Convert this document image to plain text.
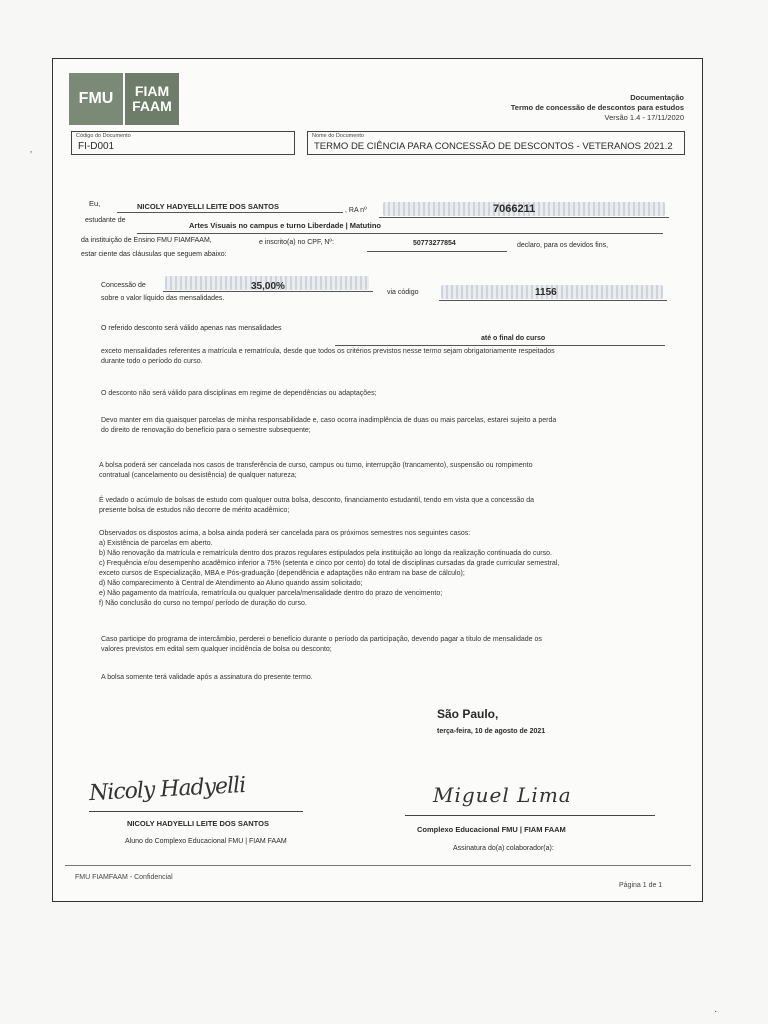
ʼ
·
FMU	FIAM
FAAM
Documentação
Termo de concessão de descontos para estudos
Versão 1.4 - 17/11/2020
Código do Documento
FI-D001
Nome do Documento
TERMO DE CIÊNCIA PARA CONCESSÃO DE DESCONTOS - VETERANOS 2021.2
Eu,	NICOLY HADYELLI LEITE DOS SANTOS	, RA nº	7066211
estudante de
Artes Visuais no campus e turno Liberdade | Matutino
da instituição de Ensino FMU FIAMFAAM,	e inscrito(a) no CPF, Nº:	50773277854	declaro, para os devidos fins,
estar ciente das cláusulas que seguem abaixo:
Concessão de	35,00%
via código	1156
sobre o valor líquido das mensalidades.
O referido desconto será válido apenas nas mensalidades
até o final do curso
exceto mensalidades referentes a matrícula e rematrícula, desde que todos os critérios previstos nesse termo sejam obrigatoriamente respeitados
durante todo o período do curso.
O desconto não será válido para disciplinas em regime de dependências ou adaptações;
Devo manter em dia quaisquer parcelas de minha responsabilidade e, caso ocorra inadimplência de duas ou mais parcelas, estarei sujeito a perda
do direito de renovação do benefício para o semestre subsequente;
A bolsa poderá ser cancelada nos casos de transferência de curso, campus ou turno, interrupção (trancamento), suspensão ou rompimento
contratual (cancelamento ou desistência) de qualquer natureza;
É vedado o acúmulo de bolsas de estudo com qualquer outra bolsa, desconto, financiamento estudantil, tendo em vista que a concessão da
presente bolsa de estudos não decorre de mérito acadêmico;
Observados os dispostos acima, a bolsa ainda poderá ser cancelada para os próximos semestres nos seguintes casos:
a) Existência de parcelas em aberto.
b) Não renovação da matrícula e rematrícula dentro dos prazos regulares estipulados pela instituição ao longo da realização continuada do curso.
c) Frequência e/ou desempenho acadêmico inferior a 75% (setenta e cinco por cento) do total de disciplinas cursadas da grade curricular semestral,
exceto cursos de Especialização, MBA e Pós-graduação (dependência e adaptações não entram na base de cálculo);
d) Não comparecimento à Central de Atendimento ao Aluno quando assim solicitado;
e) Não pagamento da matrícula, rematrícula ou qualquer parcela/mensalidade dentro do prazo de vencimento;
f) Não conclusão do curso no tempo/ período de duração do curso.
Caso participe do programa de intercâmbio, perderei o benefício durante o período da participação, devendo pagar a título de mensalidade os
valores previstos em edital sem qualquer incidência de bolsa ou desconto;
A bolsa somente terá validade após a assinatura do presente termo.
São Paulo,
terça-feira, 10 de agosto de 2021
Nicoly Hadyelli
NICOLY HADYELLI LEITE DOS SANTOS
Aluno do Complexo Educacional FMU | FIAM FAAM
Miguel Lima
Complexo Educacional FMU | FIAM FAAM
Assinatura do(a) colaborador(a):
FMU FIAMFAAM - Confidencial
Página 1 de 1
